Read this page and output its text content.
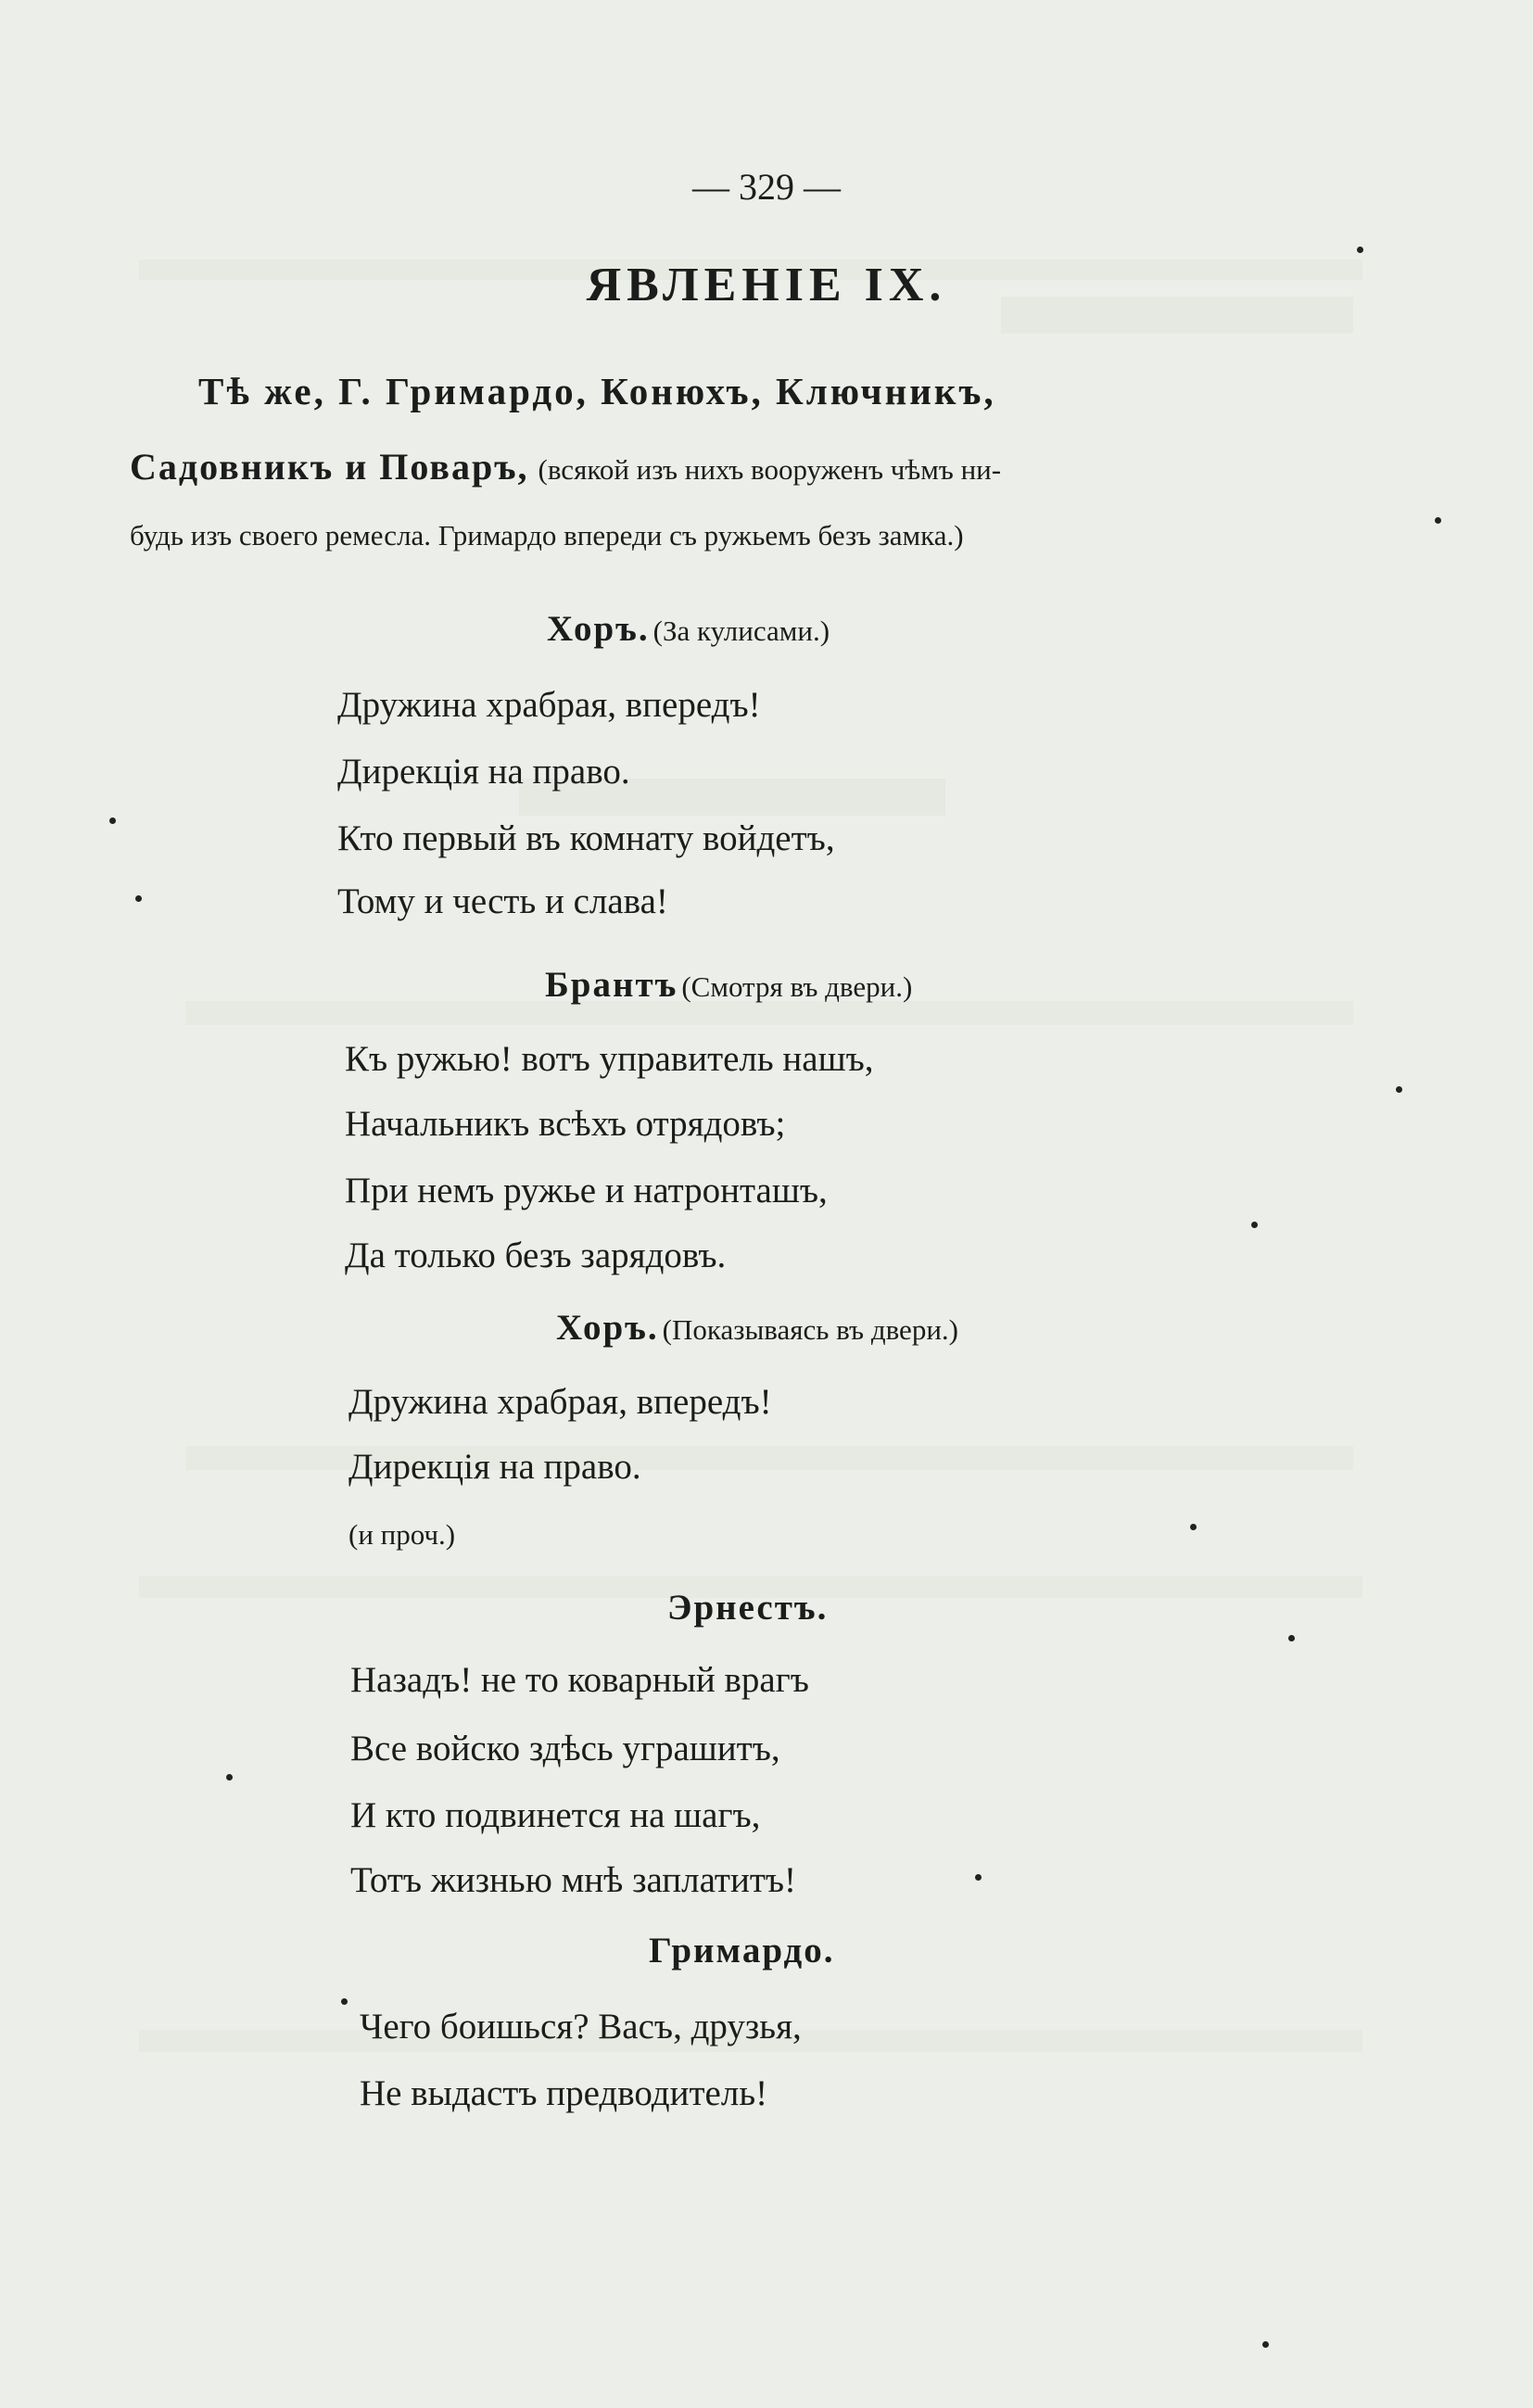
— 329 —
ЯВЛЕНІЕ IX.
Тѣ же, Г. Гримардо, Конюхъ, Ключникъ,
Садовникъ и Поваръ, (всякой изъ нихъ вооруженъ чѣмъ ни-
будь изъ своего ремесла. Гримардо впереди съ ружьемъ безъ замка.)
Хоръ. (За кулисами.)
Дружина храбрая, впередъ!
Дирекція на право.
Кто первый въ комнату войдетъ,
Тому и честь и слава!
Брантъ (Смотря въ двери.)
Къ ружью! вотъ управитель нашъ,
Начальникъ всѣхъ отрядовъ;
При немъ ружье и натронташъ,
Да только безъ зарядовъ.
Хоръ. (Показываясь въ двери.)
Дружина храбрая, впередъ!
Дирекція на право.
(и проч.)
Эрнестъ.
Назадъ! не то коварный врагъ
Все войско здѣсь уграшитъ,
И кто подвинется на шагъ,
Тотъ жизнью мнѣ заплатитъ!
Гримардо.
Чего боишься? Васъ, друзья,
Не выдастъ предводитель!
